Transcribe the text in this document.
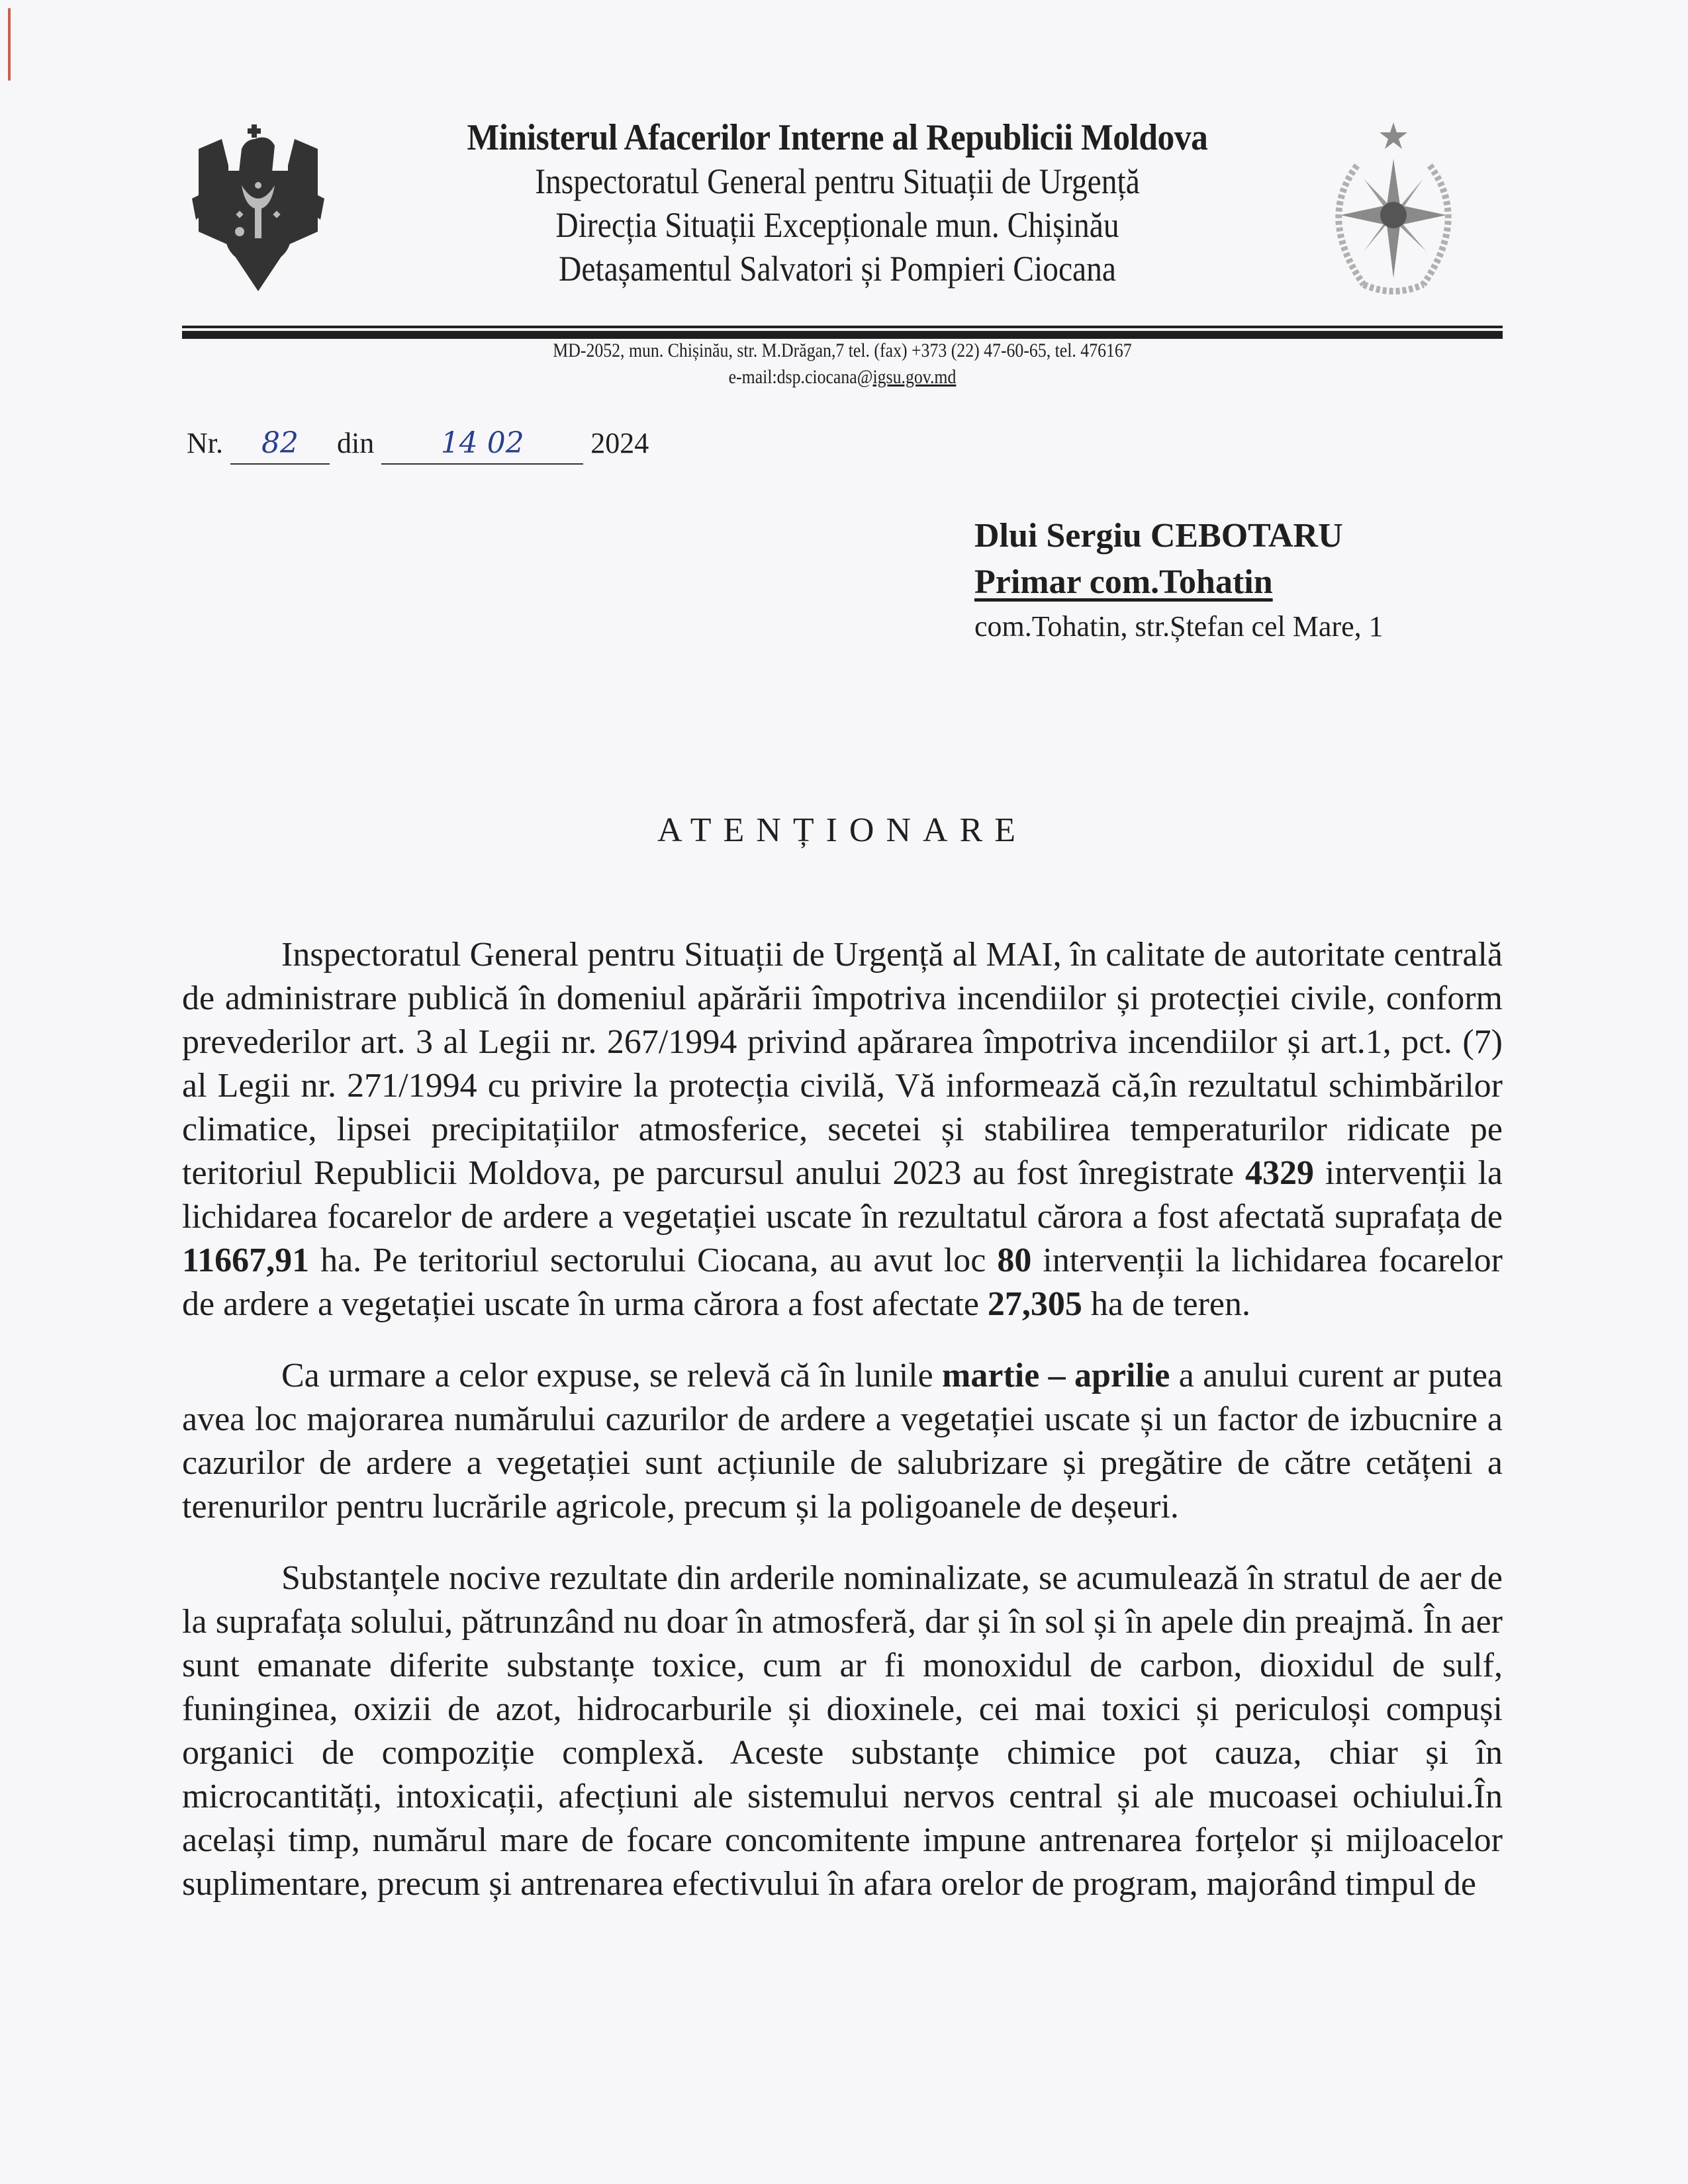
Ministerul Afacerilor Interne al Republicii Moldova
Inspectoratul General pentru Situații de Urgență
Direcția Situații Excepționale mun. Chișinău
Detașamentul Salvatori și Pompieri Ciocana
MD-2052, mun. Chișinău, str. M.Drăgan,7 tel. (fax) +373 (22) 47-60-65, tel. 476167
e-mail:dsp.ciocana@igsu.gov.md
Nr. 82 din 14 02 2024
Dlui Sergiu CEBOTARU
Primar com.Tohatin
com.Tohatin, str.Ștefan cel Mare, 1
ATENȚIONARE

Inspectoratul General pentru Situații de Urgență al MAI, în calitate de autoritate centrală de administrare publică în domeniul apărării împotriva incendiilor și protecției civile, conform prevederilor art. 3 al Legii nr. 267/1994 privind apărarea împotriva incendiilor și art.1, pct. (7) al Legii nr. 271/1994 cu privire la protecția civilă, Vă informează că,în rezultatul schimbărilor climatice, lipsei precipitațiilor atmosferice, secetei și stabilirea temperaturilor ridicate pe teritoriul Republicii Moldova, pe parcursul anului 2023 au fost înregistrate 4329 intervenții la lichidarea focarelor de ardere a vegetației uscate în rezultatul cărora a fost afectată suprafața de 11667,91 ha. Pe teritoriul sectorului Ciocana, au avut loc 80 intervenții la lichidarea focarelor de ardere a vegetației uscate în urma cărora a fost afectate 27,305 ha de teren.

Ca urmare a celor expuse, se relevă că în lunile martie – aprilie a anului curent ar putea avea loc majorarea numărului cazurilor de ardere a vegetației uscate și un factor de izbucnire a cazurilor de ardere a vegetației sunt acțiunile de salubrizare și pregătire de către cetățeni a terenurilor pentru lucrările agricole, precum și la poligoanele de deșeuri.

Substanțele nocive rezultate din arderile nominalizate, se acumulează în stratul de aer de la suprafața solului, pătrunzând nu doar în atmosferă, dar și în sol și în apele din preajmă. În aer sunt emanate diferite substanțe toxice, cum ar fi monoxidul de carbon, dioxidul de sulf, funinginea, oxizii de azot, hidrocarburile și dioxinele, cei mai toxici și periculoși compuși organici de compoziție complexă. Aceste substanțe chimice pot cauza, chiar și în microcantități, intoxicații, afecțiuni ale sistemului nervos central și ale mucoasei ochiului.În același timp, numărul mare de focare concomitente impune antrenarea forțelor și mijloacelor suplimentare, precum și antrenarea efectivului în afara orelor de program, majorând timpul de
